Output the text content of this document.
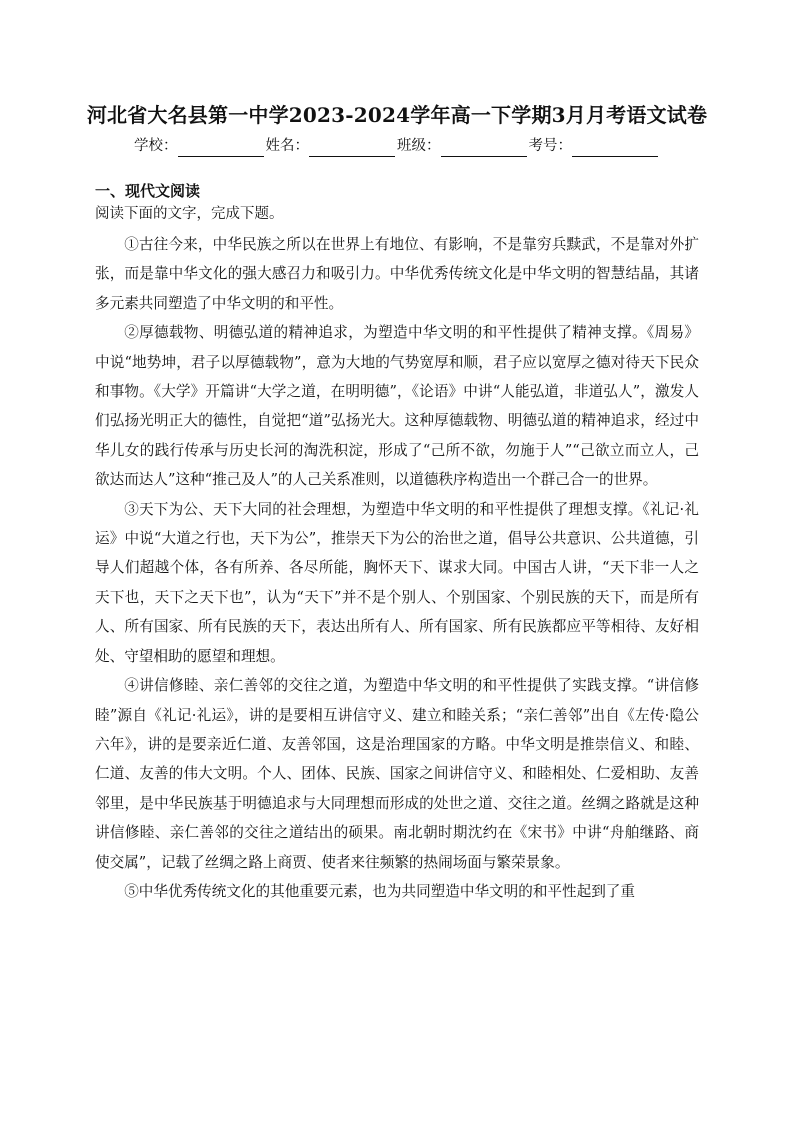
河北省大名县第一中学2023-2024学年高一下学期3月月考语文试卷
学校：	姓名：	班级：	考号：
一、现代文阅读

阅读下面的文字，完成下题。

①古往今来，中华民族之所以在世界上有地位、有影响，不是靠穷兵黩武，不是靠对外扩张，而是靠中华文化的强大感召力和吸引力。中华优秀传统文化是中华文明的智慧结晶，其诸多元素共同塑造了中华文明的和平性。

②厚德载物、明德弘道的精神追求，为塑造中华文明的和平性提供了精神支撑。《周易》中说“地势坤，君子以厚德载物”，意为大地的气势宽厚和顺，君子应以宽厚之德对待天下民众和事物。《大学》开篇讲“大学之道，在明明德”，《论语》中讲“人能弘道，非道弘人”，激发人们弘扬光明正大的德性，自觉把“道”弘扬光大。这种厚德载物、明德弘道的精神追求，经过中华儿女的践行传承与历史长河的淘洗积淀，形成了“己所不欲，勿施于人”“己欲立而立人，己欲达而达人”这种“推己及人”的人己关系准则，以道德秩序构造出一个群己合一的世界。

③天下为公、天下大同的社会理想，为塑造中华文明的和平性提供了理想支撑。《礼记·礼运》中说“大道之行也，天下为公”，推崇天下为公的治世之道，倡导公共意识、公共道德，引导人们超越个体，各有所养、各尽所能，胸怀天下、谋求大同。中国古人讲，“天下非一人之天下也，天下之天下也”，认为“天下”并不是个别人、个别国家、个别民族的天下，而是所有人、所有国家、所有民族的天下，表达出所有人、所有国家、所有民族都应平等相待、友好相处、守望相助的愿望和理想。

④讲信修睦、亲仁善邻的交往之道，为塑造中华文明的和平性提供了实践支撑。“讲信修睦”源自《礼记·礼运》，讲的是要相互讲信守义、建立和睦关系；“亲仁善邻”出自《左传·隐公六年》，讲的是要亲近仁道、友善邻国，这是治理国家的方略。中华文明是推崇信义、和睦、仁道、友善的伟大文明。个人、团体、民族、国家之间讲信守义、和睦相处、仁爱相助、友善邻里，是中华民族基于明德追求与大同理想而形成的处世之道、交往之道。丝绸之路就是这种讲信修睦、亲仁善邻的交往之道结出的硕果。南北朝时期沈约在《宋书》中讲“舟舶继路、商使交属”，记载了丝绸之路上商贾、使者来往频繁的热闹场面与繁荣景象。

⑤中华优秀传统文化的其他重要元素，也为共同塑造中华文明的和平性起到了重
